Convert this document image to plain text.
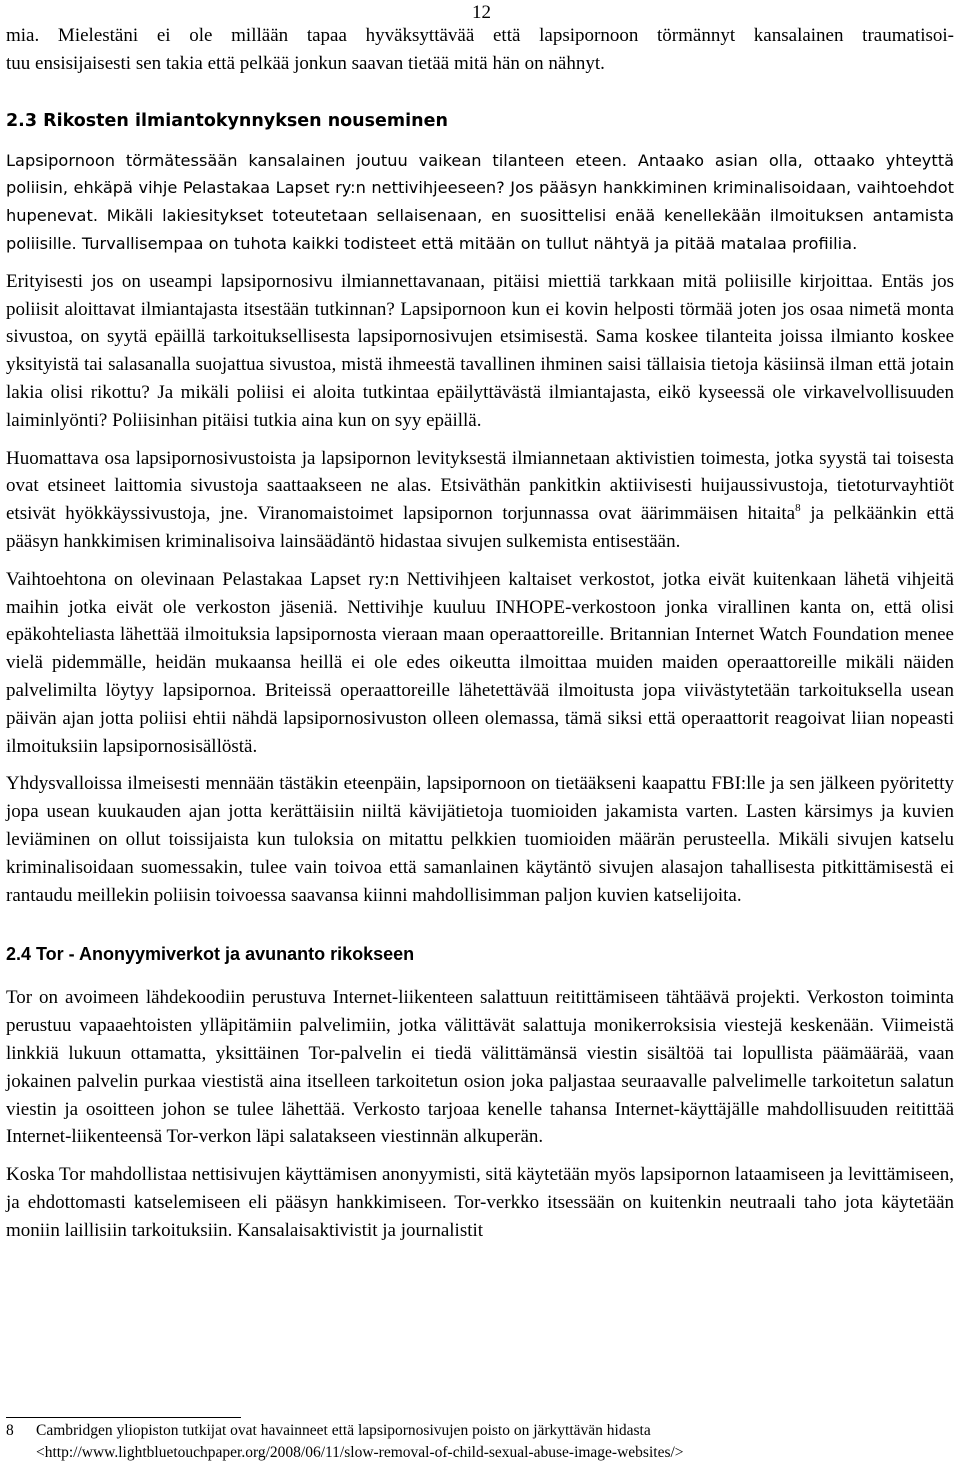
12
mia. Mielestäni ei ole millään tapaa hyväksyttävää että lapsipornoon törmännyt kansalainen traumatisoi-
tuu ensisijaisesti sen takia että pelkää jonkun saavan tietää mitä hän on nähnyt.
2.3 Rikosten ilmiantokynnyksen nouseminen

Lapsipornoon törmätessään kansalainen joutuu vaikean tilanteen eteen. Antaako asian olla, ottaako yhteyttä poliisin, ehkäpä vihje Pelastakaa Lapset ry:n nettivihjeeseen? Jos pääsyn hankkiminen kriminalisoidaan, vaihtoehdot hupenevat. Mikäli lakiesitykset toteutetaan sellaisenaan, en suosittelisi enää kenellekään ilmoituksen antamista poliisille. Turvallisempaa on tuhota kaikki todisteet että mitään on tullut nähtyä ja pitää matalaa profiilia.

Erityisesti jos on useampi lapsipornosivu ilmiannettavanaan, pitäisi miettiä tarkkaan mitä poliisille kirjoittaa. Entäs jos poliisit aloittavat ilmiantajasta itsestään tutkinnan? Lapsipornoon kun ei kovin helposti törmää joten jos osaa nimetä monta sivustoa, on syytä epäillä tarkoituksellisesta lapsipornosivujen etsimisestä. Sama koskee tilanteita joissa ilmianto koskee yksityistä tai salasanalla suojattua sivustoa, mistä ihmeestä tavallinen ihminen saisi tällaisia tietoja käsiinsä ilman että jotain lakia olisi rikottu? Ja mikäli poliisi ei aloita tutkintaa epäilyttävästä ilmiantajasta, eikö kyseessä ole virkavelvollisuuden laiminlyönti? Poliisinhan pitäisi tutkia aina kun on syy epäillä.

Huomattava osa lapsipornosivustoista ja lapsipornon levityksestä ilmiannetaan aktivistien toimesta, jotka syystä tai toisesta ovat etsineet laittomia sivustoja saattaakseen ne alas. Etsiväthän pankitkin aktiivisesti huijaussivustoja, tietoturvayhtiöt etsivät hyökkäyssivustoja, jne. Viranomaistoimet lapsipornon torjunnassa ovat äärimmäisen hitaita$^8$ ja pelkäänkin että pääsyn hankkimisen kriminalisoiva lainsäädäntö hidastaa sivujen sulkemista entisestään.

Vaihtoehtona on olevinaan Pelastakaa Lapset ry:n Nettivihjeen kaltaiset verkostot, jotka eivät kuitenkaan lähetä vihjeitä maihin jotka eivät ole verkoston jäseniä. Nettivihje kuuluu INHOPE-verkostoon jonka virallinen kanta on, että olisi epäkohteliasta lähettää ilmoituksia lapsipornosta vieraan maan operaattoreille. Britannian Internet Watch Foundation menee vielä pidemmälle, heidän mukaansa heillä ei ole edes oikeutta ilmoittaa muiden maiden operaattoreille mikäli näiden palvelimilta löytyy lapsipornoa. Briteissä operaattoreille lähetettävää ilmoitusta jopa viivästytetään tarkoituksella usean päivän ajan jotta poliisi ehtii nähdä lapsipornosivuston olleen olemassa, tämä siksi että operaattorit reagoivat liian nopeasti ilmoituksiin lapsipornosisällöstä.

Yhdysvalloissa ilmeisesti mennään tästäkin eteenpäin, lapsipornoon on tietääkseni kaapattu FBI:lle ja sen jälkeen pyöritetty jopa usean kuukauden ajan jotta kerättäisiin niiltä kävijätietoja tuomioiden jakamista varten. Lasten kärsimys ja kuvien leviäminen on ollut toissijaista kun tuloksia on mitattu pelkkien tuomioiden määrän perusteella. Mikäli sivujen katselu kriminalisoidaan suomessakin, tulee vain toivoa että samanlainen käytäntö sivujen alasajon tahallisesta pitkittämisestä ei rantaudu meillekin poliisin toivoessa saavansa kiinni mahdollisimman paljon kuvien katselijoita.

2.4 Tor - Anonyymiverkot ja avunanto rikokseen

Tor on avoimeen lähdekoodiin perustuva Internet-liikenteen salattuun reitittämiseen tähtäävä projekti. Verkoston toiminta perustuu vapaaehtoisten ylläpitämiin palvelimiin, jotka välittävät salattuja monikerroksisia viestejä keskenään. Viimeistä linkkiä lukuun ottamatta, yksittäinen Tor-palvelin ei tiedä välittämänsä viestin sisältöä tai lopullista päämäärää, vaan jokainen palvelin purkaa viestistä aina itselleen tarkoitetun osion joka paljastaa seuraavalle palvelimelle tarkoitetun salatun viestin ja osoitteen johon se tulee lähettää. Verkosto tarjoaa kenelle tahansa Internet-käyttäjälle mahdollisuuden reitittää Internet-liikenteensä Tor-verkon läpi salatakseen viestinnän alkuperän.

Koska Tor mahdollistaa nettisivujen käyttämisen anonyymisti, sitä käytetään myös lapsipornon lataamiseen ja levittämiseen, ja ehdottomasti katselemiseen eli pääsyn hankkimiseen. Tor-verkko itsessään on kuitenkin neutraali taho jota käytetään moniin laillisiin tarkoituksiin. Kansalaisaktivistit ja journalistit

8 Cambridgen yliopiston tutkijat ovat havainneet että lapsipornosivujen poisto on järkyttävän hidasta
<http://www.lightbluetouchpaper.org/2008/06/11/slow-removal-of-child-sexual-abuse-image-websites/>
